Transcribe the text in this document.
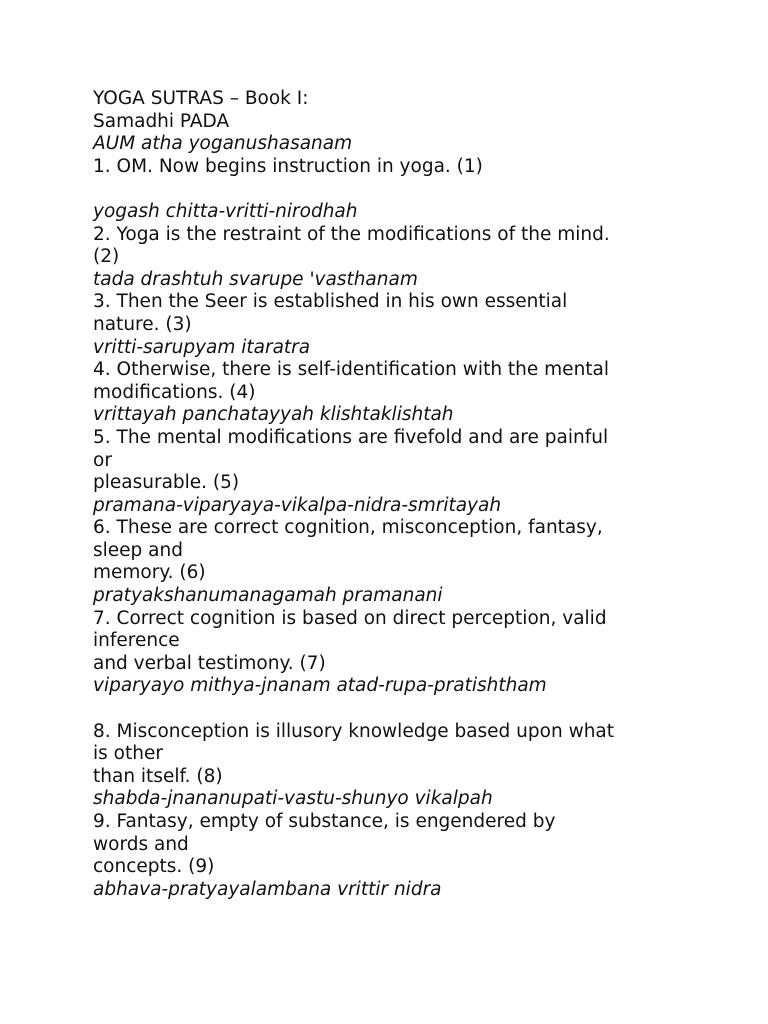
YOGA SUTRAS – Book I:
Samadhi PADA
AUM atha yoganushasanam
1. OM. Now begins instruction in yoga. (1)
yogash chitta-vritti-nirodhah
2. Yoga is the restraint of the modifications of the mind.
(2)
tada drashtuh svarupe 'vasthanam
3. Then the Seer is established in his own essential
nature. (3)
vritti-sarupyam itaratra
4. Otherwise, there is self-identification with the mental
modifications. (4)
vrittayah panchatayyah klishtaklishtah
5. The mental modifications are fivefold and are painful
or
pleasurable. (5)
pramana-viparyaya-vikalpa-nidra-smritayah
6. These are correct cognition, misconception, fantasy,
sleep and
memory. (6)
pratyakshanumanagamah pramanani
7. Correct cognition is based on direct perception, valid
inference
and verbal testimony. (7)
viparyayo mithya-jnanam atad-rupa-pratishtham
8. Misconception is illusory knowledge based upon what
is other
than itself. (8)
shabda-jnananupati-vastu-shunyo vikalpah
9. Fantasy, empty of substance, is engendered by
words and
concepts. (9)
abhava-pratyayalambana vrittir nidra
